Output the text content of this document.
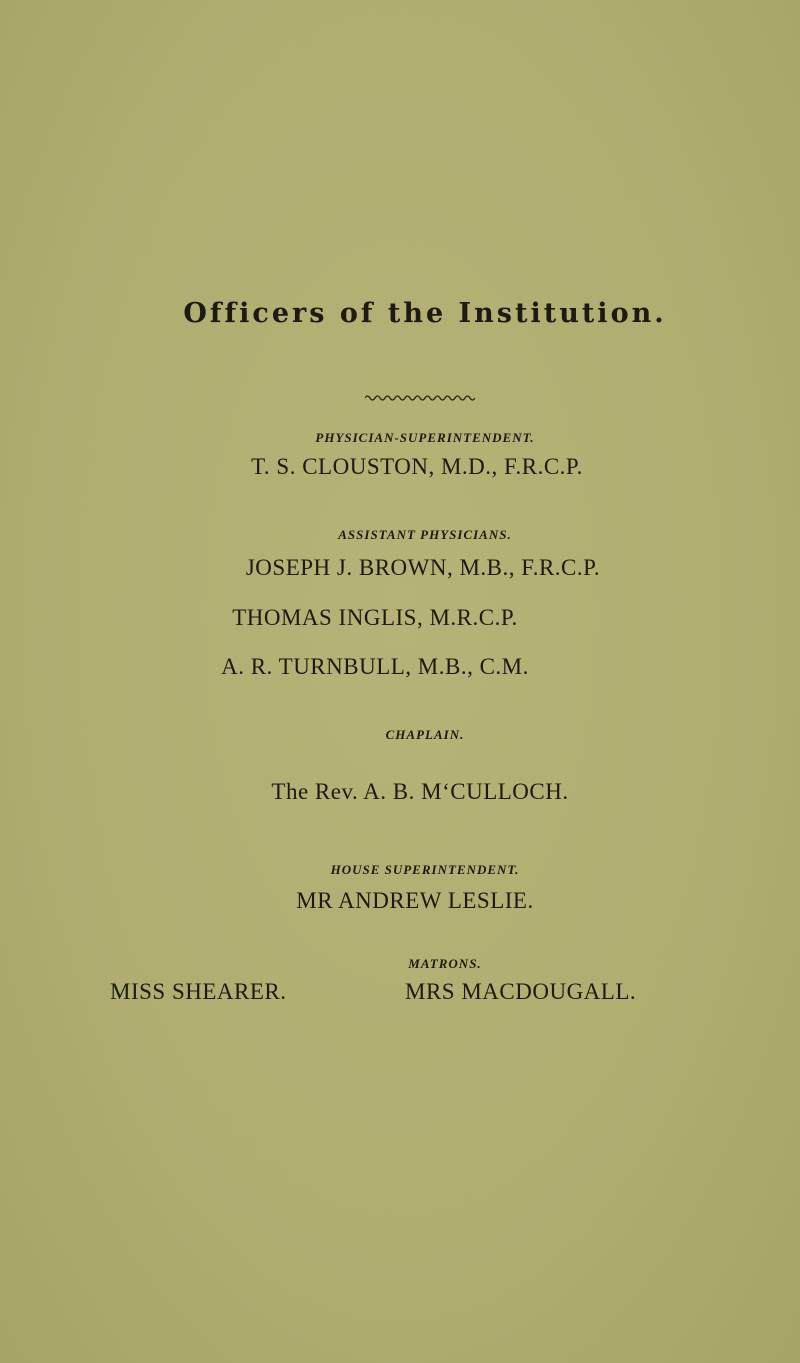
Officers of the Institution.
PHYSICIAN-SUPERINTENDENT.
T. S. CLOUSTON, M.D., F.R.C.P.
ASSISTANT PHYSICIANS.
JOSEPH J. BROWN, M.B., F.R.C.P.
THOMAS INGLIS, M.R.C.P.
A. R. TURNBULL, M.B., C.M.
CHAPLAIN.
The Rev. A. B. M‘CULLOCH.
HOUSE SUPERINTENDENT.
MR ANDREW LESLIE.
MATRONS.
MISS SHEARER.	MRS MACDOUGALL.
